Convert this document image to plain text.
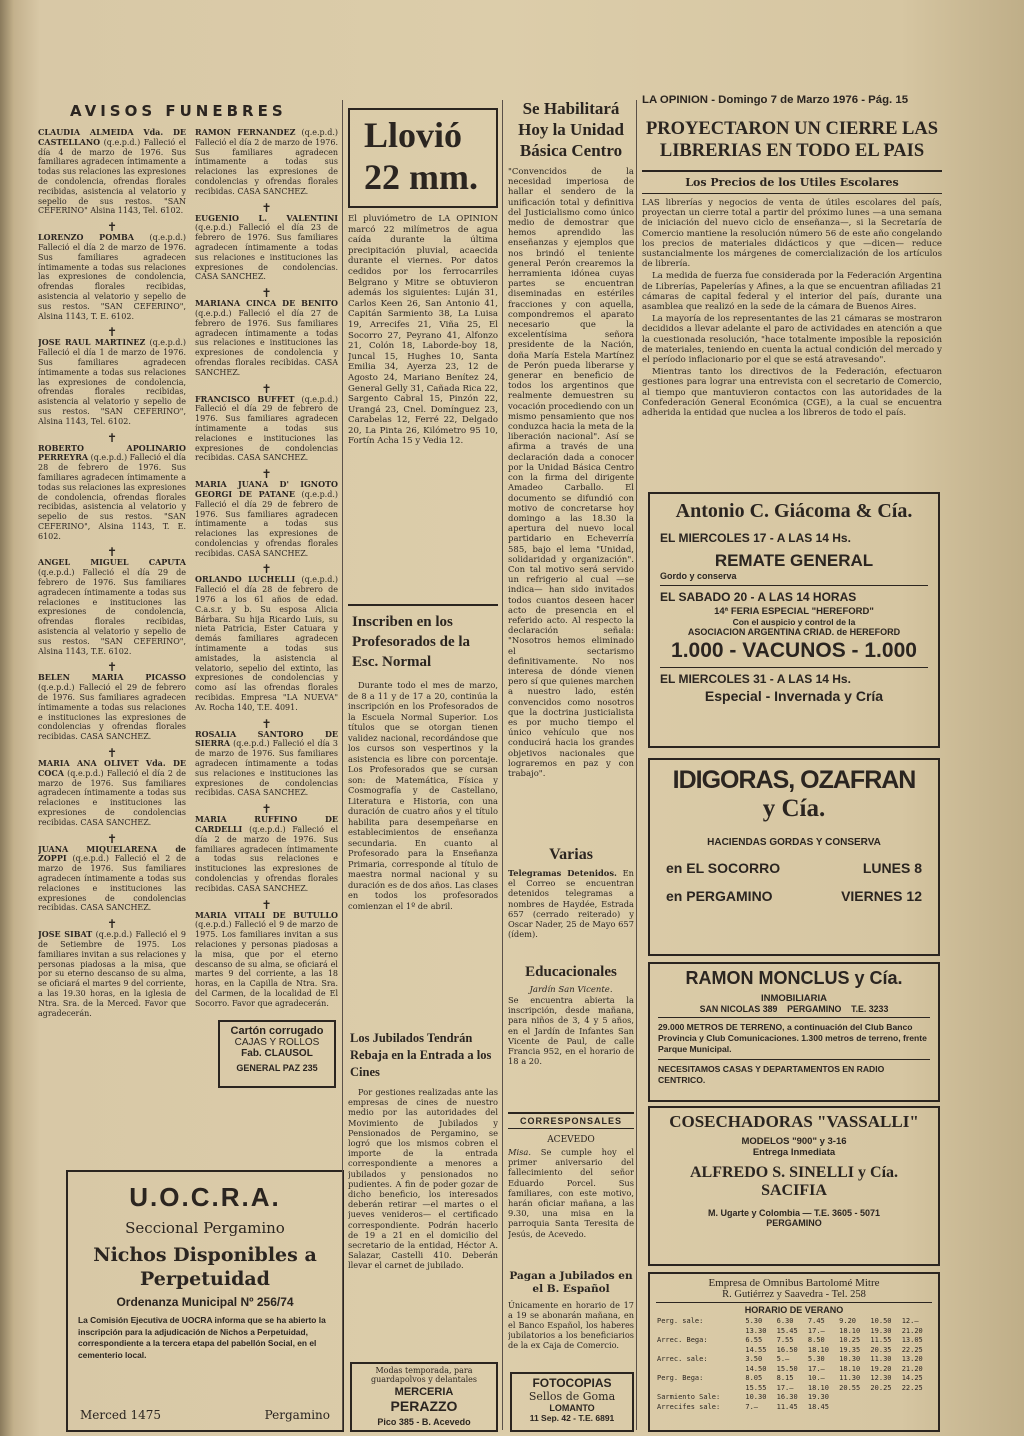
AVISOS FUNEBRES
CLAUDIA ALMEIDA Vda. DE CASTELLANO (q.e.p.d.) Falleció el día 4 de marzo de 1976. Sus familiares agradecen íntimamente a todas sus relaciones las expresiones de condolencia, ofrendas florales recibidas, asistencia al velatorio y sepelio de sus restos. "SAN CEFERINO" Alsina 1143, Tel. 6102.
✝
LORENZO POMBA (q.e.p.d.) Falleció el día 2 de marzo de 1976. Sus familiares agradecen íntimamente a todas sus relaciones las expresiones de condolencia, ofrendas florales recibidas, asistencia al velatorio y sepelio de sus restos. "SAN CEFERINO", Alsina 1143, T. E. 6102.
✝
JOSE RAUL MARTINEZ (q.e.p.d.) Falleció el día 1 de marzo de 1976. Sus familiares agradecen íntimamente a todas sus relaciones las expresiones de condolencia, ofrendas florales recibidas, asistencia al velatorio y sepelio de sus restos. "SAN CEFERINO", Alsina 1143, Tel. 6102.
✝
ROBERTO APOLINARIO PERREYRA (q.e.p.d.) Falleció el día 28 de febrero de 1976. Sus familiares agradecen íntimamente a todas sus relaciones las expresiones de condolencia, ofrendas florales recibidas, asistencia al velatorio y sepelio de sus restos. "SAN CEFERINO", Alsina 1143, T. E. 6102.
✝
ANGEL MIGUEL CAPUTA (q.e.p.d.) Falleció el día 29 de febrero de 1976. Sus familiares agradecen íntimamente a todas sus relaciones e instituciones las expresiones de condolencia, ofrendas florales recibidas, asistencia al velatorio y sepelio de sus restos. "SAN CEFERINO", Alsina 1143, T.E. 6102.
✝
BELEN MARIA PICASSO (q.e.p.d.) Falleció el 29 de febrero de 1976. Sus familiares agradecen íntimamente a todas sus relaciones e instituciones las expresiones de condolencias y ofrendas florales recibidas. CASA SANCHEZ.
✝
MARIA ANA OLIVET Vda. DE COCA (q.e.p.d.) Falleció el día 2 de marzo de 1976. Sus familiares agradecen íntimamente a todas sus relaciones e instituciones las expresiones de condolencias recibidas. CASA SANCHEZ.
✝
JUANA MIQUELARENA de ZOPPI (q.e.p.d.) Falleció el 2 de marzo de 1976. Sus familiares agradecen íntimamente a todas sus relaciones e instituciones las expresiones de condolencias recibidas. CASA SANCHEZ.
✝
JOSE SIBAT (q.e.p.d.) Falleció el 9 de Setiembre de 1975. Los familiares invitan a sus relaciones y personas piadosas a la misa, que por su eterno descanso de su alma, se oficiará el martes 9 del corriente, a las 19.30 horas, en la iglesia de Ntra. Sra. de la Merced. Favor que agradecerán.
RAMON FERNANDEZ (q.e.p.d.) Falleció el día 2 de marzo de 1976. Sus familiares agradecen íntimamente a todas sus relaciones las expresiones de condolencias y ofrendas florales recibidas. CASA SANCHEZ.
✝
EUGENIO L. VALENTINI (q.e.p.d.) Falleció el día 23 de febrero de 1976. Sus familiares agradecen íntimamente a todas sus relaciones e instituciones las expresiones de condolencias. CASA SANCHEZ.
✝
MARIANA CINCA DE BENITO (q.e.p.d.) Falleció el día 27 de febrero de 1976. Sus familiares agradecen íntimamente a todas sus relaciones e instituciones las expresiones de condolencia y ofrendas florales recibidas. CASA SANCHEZ.
✝
FRANCISCO BUFFET (q.e.p.d.) Falleció el día 29 de febrero de 1976. Sus familiares agradecen íntimamente a todas sus relaciones e instituciones las expresiones de condolencias recibidas. CASA SANCHEZ.
✝
MARIA JUANA D' IGNOTO GEORGI DE PATANE (q.e.p.d.) Falleció el día 29 de febrero de 1976. Sus familiares agradecen íntimamente a todas sus relaciones las expresiones de condolencias y ofrendas florales recibidas. CASA SANCHEZ.
✝
ORLANDO LUCHELLI (q.e.p.d.) Falleció el día 28 de febrero de 1976 a los 61 años de edad. C.a.s.r. y b. Su esposa Alicia Bárbara. Su hija Ricardo Luis, su nieta Patricia, Ester Catuara y demás familiares agradecen íntimamente a todas sus amistades, la asistencia al velatorio, sepelio del extinto, las expresiones de condolencias y como así las ofrendas florales recibidas. Empresa "LA NUEVA" Av. Rocha 140, T.E. 4091.
✝
ROSALIA SANTORO DE SIERRA (q.e.p.d.) Falleció el día 3 de marzo de 1976. Sus familiares agradecen íntimamente a todas sus relaciones e instituciones las expresiones de condolencias recibidas. CASA SANCHEZ.
✝
MARIA RUFFINO DE CARDELLI (q.e.p.d.) Falleció el día 2 de marzo de 1976. Sus familiares agradecen íntimamente a todas sus relaciones e instituciones las expresiones de condolencias y ofrendas florales recibidas. CASA SANCHEZ.
✝
MARIA VITALI DE BUTULLO (q.e.p.d.) Falleció el 9 de marzo de 1975. Los familiares invitan a sus relaciones y personas piadosas a la misa, que por el eterno descanso de su alma, se oficiará el martes 9 del corriente, a las 18 horas, en la Capilla de Ntra. Sra. del Carmen, de la localidad de El Socorro. Favor que agradecerán.
Cartón corrugado
CAJAS Y ROLLOS
Fab. CLAUSOL
GENERAL PAZ 235
U.O.C.R.A.
Seccional Pergamino
Nichos Disponibles a Perpetuidad
Ordenanza Municipal Nº 256/74
La Comisión Ejecutiva de UOCRA informa que se ha abierto la inscripción para la adjudicación de Nichos a Perpetuidad, correspondiente a la tercera etapa del pabellón Social, en el cementerio local.
Merced 1475	Pergamino
Llovió 22 mm.
El pluviómetro de LA OPINION marcó 22 milímetros de agua caída durante la última precipitación pluvial, acaecida durante el viernes. Por datos cedidos por los ferrocarriles Belgrano y Mitre se obtuvieron además los siguientes: Luján 31, Carlos Keen 26, San Antonio 41, Capitán Sarmiento 38, La Luisa 19, Arrecifes 21, Viña 25, El Socorro 27, Peyrano 41, Alfonzo 21, Colón 18, Laborde-boy 18, Juncal 15, Hughes 10, Santa Emilia 34, Ayerza 23, 12 de Agosto 24, Mariano Benítez 24, General Gelly 31, Cañada Rica 22, Sargento Cabral 15, Pinzón 22, Urangá 23, Cnel. Domínguez 23, Carabelas 12, Ferré 22, Delgado 20, La Pinta 26, Kilómetro 95 10, Fortín Acha 15 y Vedia 12.
Inscriben en los Profesorados de la Esc. Normal
Durante todo el mes de marzo, de 8 a 11 y de 17 a 20, continúa la inscripción en los Profesorados de la Escuela Normal Superior. Los títulos que se otorgan tienen validez nacional, recordándose que los cursos son vespertinos y la asistencia es libre con porcentaje. Los Profesorados que se cursan son: de Matemática, Física y Cosmografía y de Castellano, Literatura e Historia, con una duración de cuatro años y el título habilita para desempeñarse en establecimientos de enseñanza secundaria. En cuanto al Profesorado para la Enseñanza Primaria, corresponde al título de maestra normal nacional y su duración es de dos años. Las clases en todos los profesorados comienzan el 1º de abril.
Los Jubilados Tendrán Rebaja en la Entrada a los Cines
Por gestiones realizadas ante las empresas de cines de nuestro medio por las autoridades del Movimiento de Jubilados y Pensionados de Pergamino, se logró que los mismos cobren el importe de la entrada correspondiente a menores a jubilados y pensionados no pudientes. A fin de poder gozar de dicho beneficio, los interesados deberán retirar —el martes o el jueves venideros— el certificado correspondiente. Podrán hacerlo de 19 a 21 en el domicilio del secretario de la entidad, Héctor A. Salazar, Castelli 410. Deberán llevar el carnet de jubilado.
Modas temporada, para guardapolvos y delantales
MERCERIA
PERAZZO
Pico 385 - B. Acevedo
Se Habilitará Hoy la Unidad Básica Centro
"Convencidos de la necesidad imperiosa de hallar el sendero de la unificación total y definitiva del Justicialismo como único medio de demostrar que hemos aprendido las enseñanzas y ejemplos que nos brindó el teniente general Perón crearemos la herramienta idónea cuyas partes se encuentran diseminadas en estériles fracciones y con aquella, compondremos el aparato necesario que la excelentísima señora presidente de la Nación, doña María Estela Martínez de Perón pueda liberarse y generar en beneficio de todos los argentinos que realmente demuestren su vocación procediendo con un mismo pensamiento que nos conduzca hacia la meta de la liberación nacional". Así se afirma a través de una declaración dada a conocer por la Unidad Básica Centro con la firma del dirigente Amadeo Carballo. El documento se difundió con motivo de concretarse hoy domingo a las 18.30 la apertura del nuevo local partidario en Echeverría 585, bajo el lema "Unidad, solidaridad y organización". Con tal motivo será servido un refrigerio al cual —se indica— han sido invitados todos cuantos deseen hacer acto de presencia en el referido acto. Al respecto la declaración señala: "Nosotros hemos eliminado el sectarismo definitivamente. No nos interesa de dónde vienen pero sí que quienes marchen a nuestro lado, estén convencidos como nosotros que la doctrina justicialista es por mucho tiempo el único vehículo que nos conducirá hacia los grandes objetivos nacionales que lograremos en paz y con trabajo".
Varias
Telegramas Detenidos. En el Correo se encuentran detenidos telegramas a nombres de Haydée, Estrada 657 (cerrado reiterado) y Oscar Nader, 25 de Mayo 657 (ídem).
Educacionales
Jardín San Vicente.
Se encuentra abierta la inscripción, desde mañana, para niños de 3, 4 y 5 años, en el Jardín de Infantes San Vicente de Paul, de calle Francia 952, en el horario de 18 a 20.
CORRESPONSALES
ACEVEDO
Misa. Se cumple hoy el primer aniversario del fallecimiento del señor Eduardo Porcel. Sus familiares, con este motivo, harán oficiar mañana, a las 9.30, una misa en la parroquia Santa Teresita de Jesús, de Acevedo.
Pagan a Jubilados en el B. Español
Únicamente en horario de 17 a 19 se abonarán mañana, en el Banco Español, los haberes jubilatorios a los beneficiarios de la ex Caja de Comercio.
FOTOCOPIAS
Sellos de Goma
LOMANTO
11 Sep. 42 - T.E. 6891
LA OPINION - Domingo 7 de Marzo 1976 - Pág. 15
PROYECTARON UN CIERRE LAS LIBRERIAS EN TODO EL PAIS
Los Precios de los Utiles Escolares
LAS librerías y negocios de venta de útiles escolares del país, proyectan un cierre total a partir del próximo lunes —a una semana de iniciación del nuevo ciclo de enseñanza—, si la Secretaría de Comercio mantiene la resolución número 56 de este año congelando los precios de materiales didácticos y que —dicen— reduce sustancialmente los márgenes de comercialización de los artículos de librería.
La medida de fuerza fue considerada por la Federación Argentina de Librerías, Papelerías y Afines, a la que se encuentran afiliadas 21 cámaras de capital federal y el interior del país, durante una asamblea que realizó en la sede de la cámara de Buenos Aires.
La mayoría de los representantes de las 21 cámaras se mostraron decididos a llevar adelante el paro de actividades en atención a que la cuestionada resolución, "hace totalmente imposible la reposición de materiales, teniendo en cuenta la actual condición del mercado y el período inflacionario por el que se está atravesando".
Mientras tanto los directivos de la Federación, efectuaron gestiones para lograr una entrevista con el secretario de Comercio, al tiempo que mantuvieron contactos con las autoridades de la Confederación General Económica (CGE), a la cual se encuentra adherida la entidad que nuclea a los libreros de todo el país.
Antonio C. Giácoma & Cía.
EL MIERCOLES 17 - A LAS 14 Hs.
REMATE GENERAL
Gordo y conserva
EL SABADO 20 - A LAS 14 HORAS
14ª FERIA ESPECIAL "HEREFORD"
Con el auspicio y control de la
ASOCIACION ARGENTINA CRIAD. de HEREFORD
1.000 - VACUNOS - 1.000
EL MIERCOLES 31 - A LAS 14 Hs.
Especial - Invernada y Cría
IDIGORAS, OZAFRAN
y Cía.
HACIENDAS GORDAS Y CONSERVA
en EL SOCORRO	LUNES 8
en PERGAMINO	VIERNES 12
RAMON MONCLUS y Cía.
INMOBILIARIA
SAN NICOLAS 389    PERGAMINO    T.E. 3233
29.000 METROS DE TERRENO, a continuación del Club Banco Provincia y Club Comunicaciones. 1.300 metros de terreno, frente Parque Municipal.
NECESITAMOS CASAS Y DEPARTAMENTOS EN RADIO CENTRICO.
COSECHADORAS "VASSALLI"
MODELOS "900" y 3-16
Entrega Inmediata
ALFREDO S. SINELLI y Cía.
SACIFIA
M. Ugarte y Colombia — T.E. 3605 - 5071
PERGAMINO
Empresa de Omnibus Bartolomé Mitre
R. Gutiérrez y Saavedra - Tel. 258
HORARIO DE VERANO
Perg. sale:	5.30	6.30	7.45	9.20	10.50	12.—
	13.30	15.45	17.—	18.10	19.30	21.20
Arrec. Bega:	6.55	7.55	8.50	10.25	11.55	13.05
	14.55	16.50	18.10	19.35	20.35	22.25
Arrec. sale:	3.50	5.—	5.30	10.30	11.30	13.20
	14.50	15.50	17.—	18.10	19.20	21.20
Perg. Bega:	8.05	8.15	10.—	11.30	12.30	14.25
	15.55	17.—	18.10	20.55	20.25	22.25
Sarmiento Sale:	10.30	16.30	19.30			
Arrecifes sale:	7.—	11.45	18.45			
